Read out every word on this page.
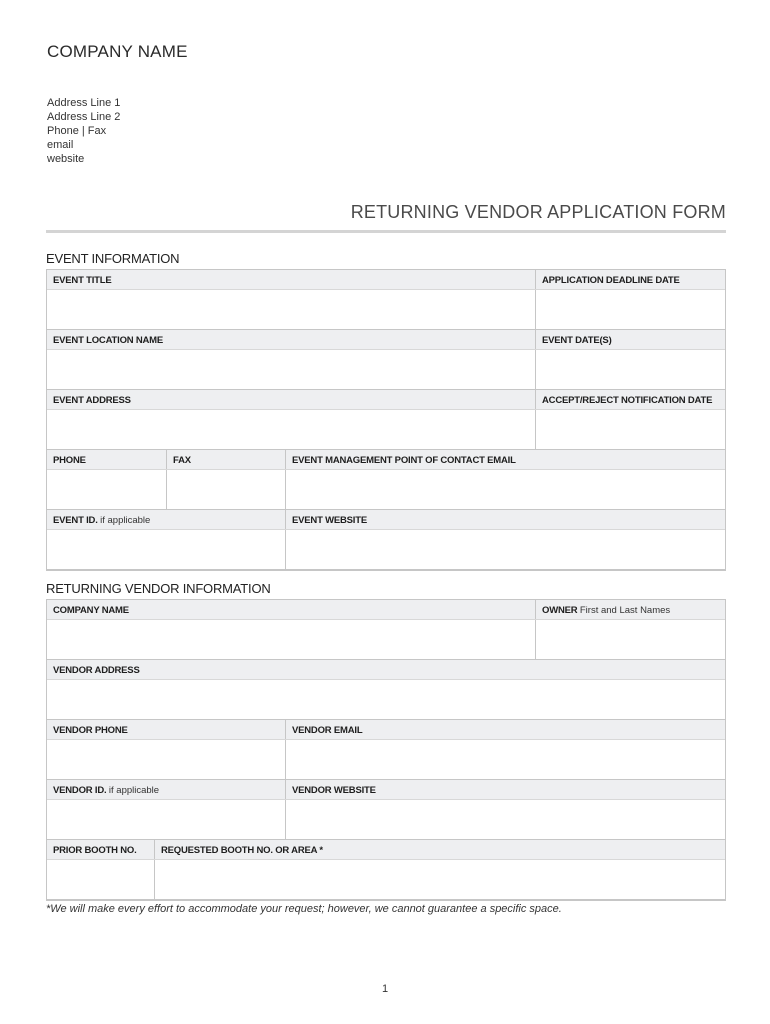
COMPANY NAME
Address Line 1
Address Line 2
Phone | Fax
email
website
RETURNING VENDOR APPLICATION FORM
EVENT INFORMATION
EVENT TITLE	APPLICATION DEADLINE DATE
EVENT LOCATION NAME	EVENT DATE(S)
EVENT ADDRESS	ACCEPT/REJECT NOTIFICATION DATE
PHONE	FAX	EVENT MANAGEMENT POINT OF CONTACT EMAIL
EVENT ID. if applicable	EVENT WEBSITE
RETURNING VENDOR INFORMATION
COMPANY NAME	OWNER First and Last Names
VENDOR ADDRESS
VENDOR PHONE	VENDOR EMAIL
VENDOR ID. if applicable	VENDOR WEBSITE
PRIOR BOOTH NO.	REQUESTED BOOTH NO. OR AREA *
*We will make every effort to accommodate your request; however, we cannot guarantee a specific space.
1
